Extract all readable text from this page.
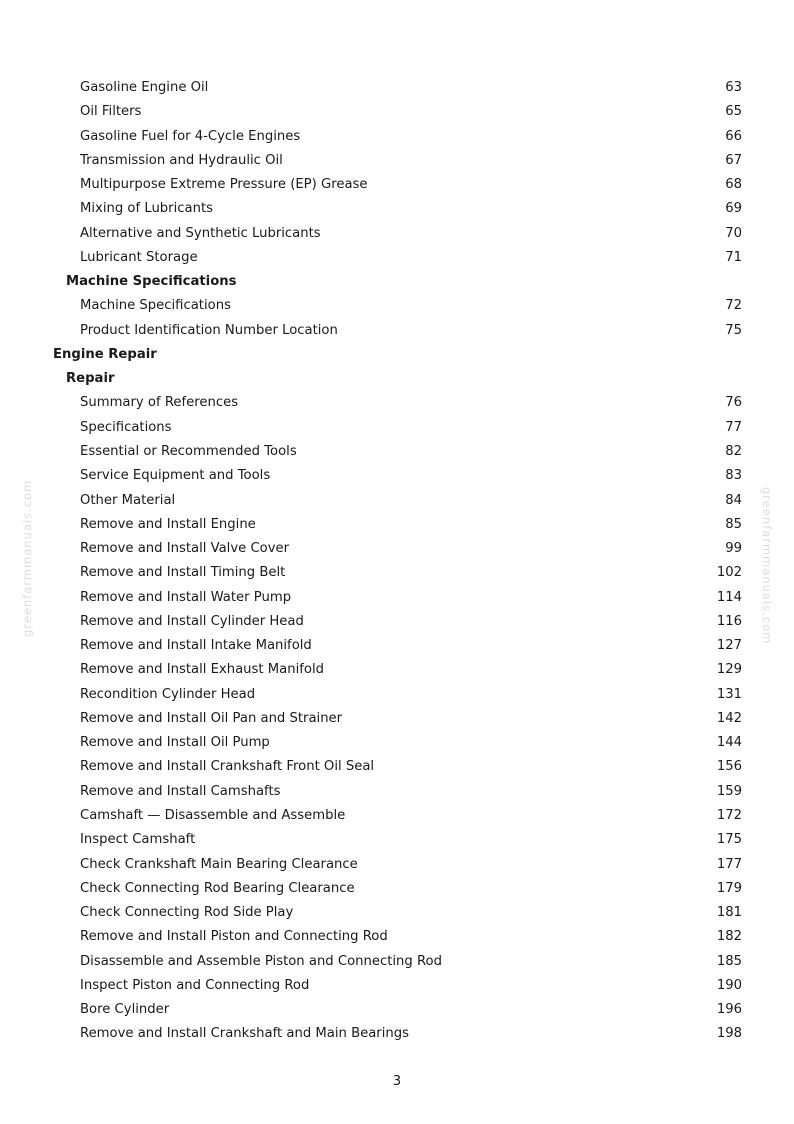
greenfarmmanuals.com	greenfarmmanuals.com
Gasoline Engine Oil	63
Oil Filters	65
Gasoline Fuel for 4-Cycle Engines	66
Transmission and Hydraulic Oil	67
Multipurpose Extreme Pressure (EP) Grease	68
Mixing of Lubricants	69
Alternative and Synthetic Lubricants	70
Lubricant Storage	71
Machine Specifications
Machine Specifications	72
Product Identification Number Location	75
Engine Repair
Repair
Summary of References	76
Specifications	77
Essential or Recommended Tools	82
Service Equipment and Tools	83
Other Material	84
Remove and Install Engine	85
Remove and Install Valve Cover	99
Remove and Install Timing Belt	102
Remove and Install Water Pump	114
Remove and Install Cylinder Head	116
Remove and Install Intake Manifold	127
Remove and Install Exhaust Manifold	129
Recondition Cylinder Head	131
Remove and Install Oil Pan and Strainer	142
Remove and Install Oil Pump	144
Remove and Install Crankshaft Front Oil Seal	156
Remove and Install Camshafts	159
Camshaft — Disassemble and Assemble	172
Inspect Camshaft	175
Check Crankshaft Main Bearing Clearance	177
Check Connecting Rod Bearing Clearance	179
Check Connecting Rod Side Play	181
Remove and Install Piston and Connecting Rod	182
Disassemble and Assemble Piston and Connecting Rod	185
Inspect Piston and Connecting Rod	190
Bore Cylinder	196
Remove and Install Crankshaft and Main Bearings	198
3
